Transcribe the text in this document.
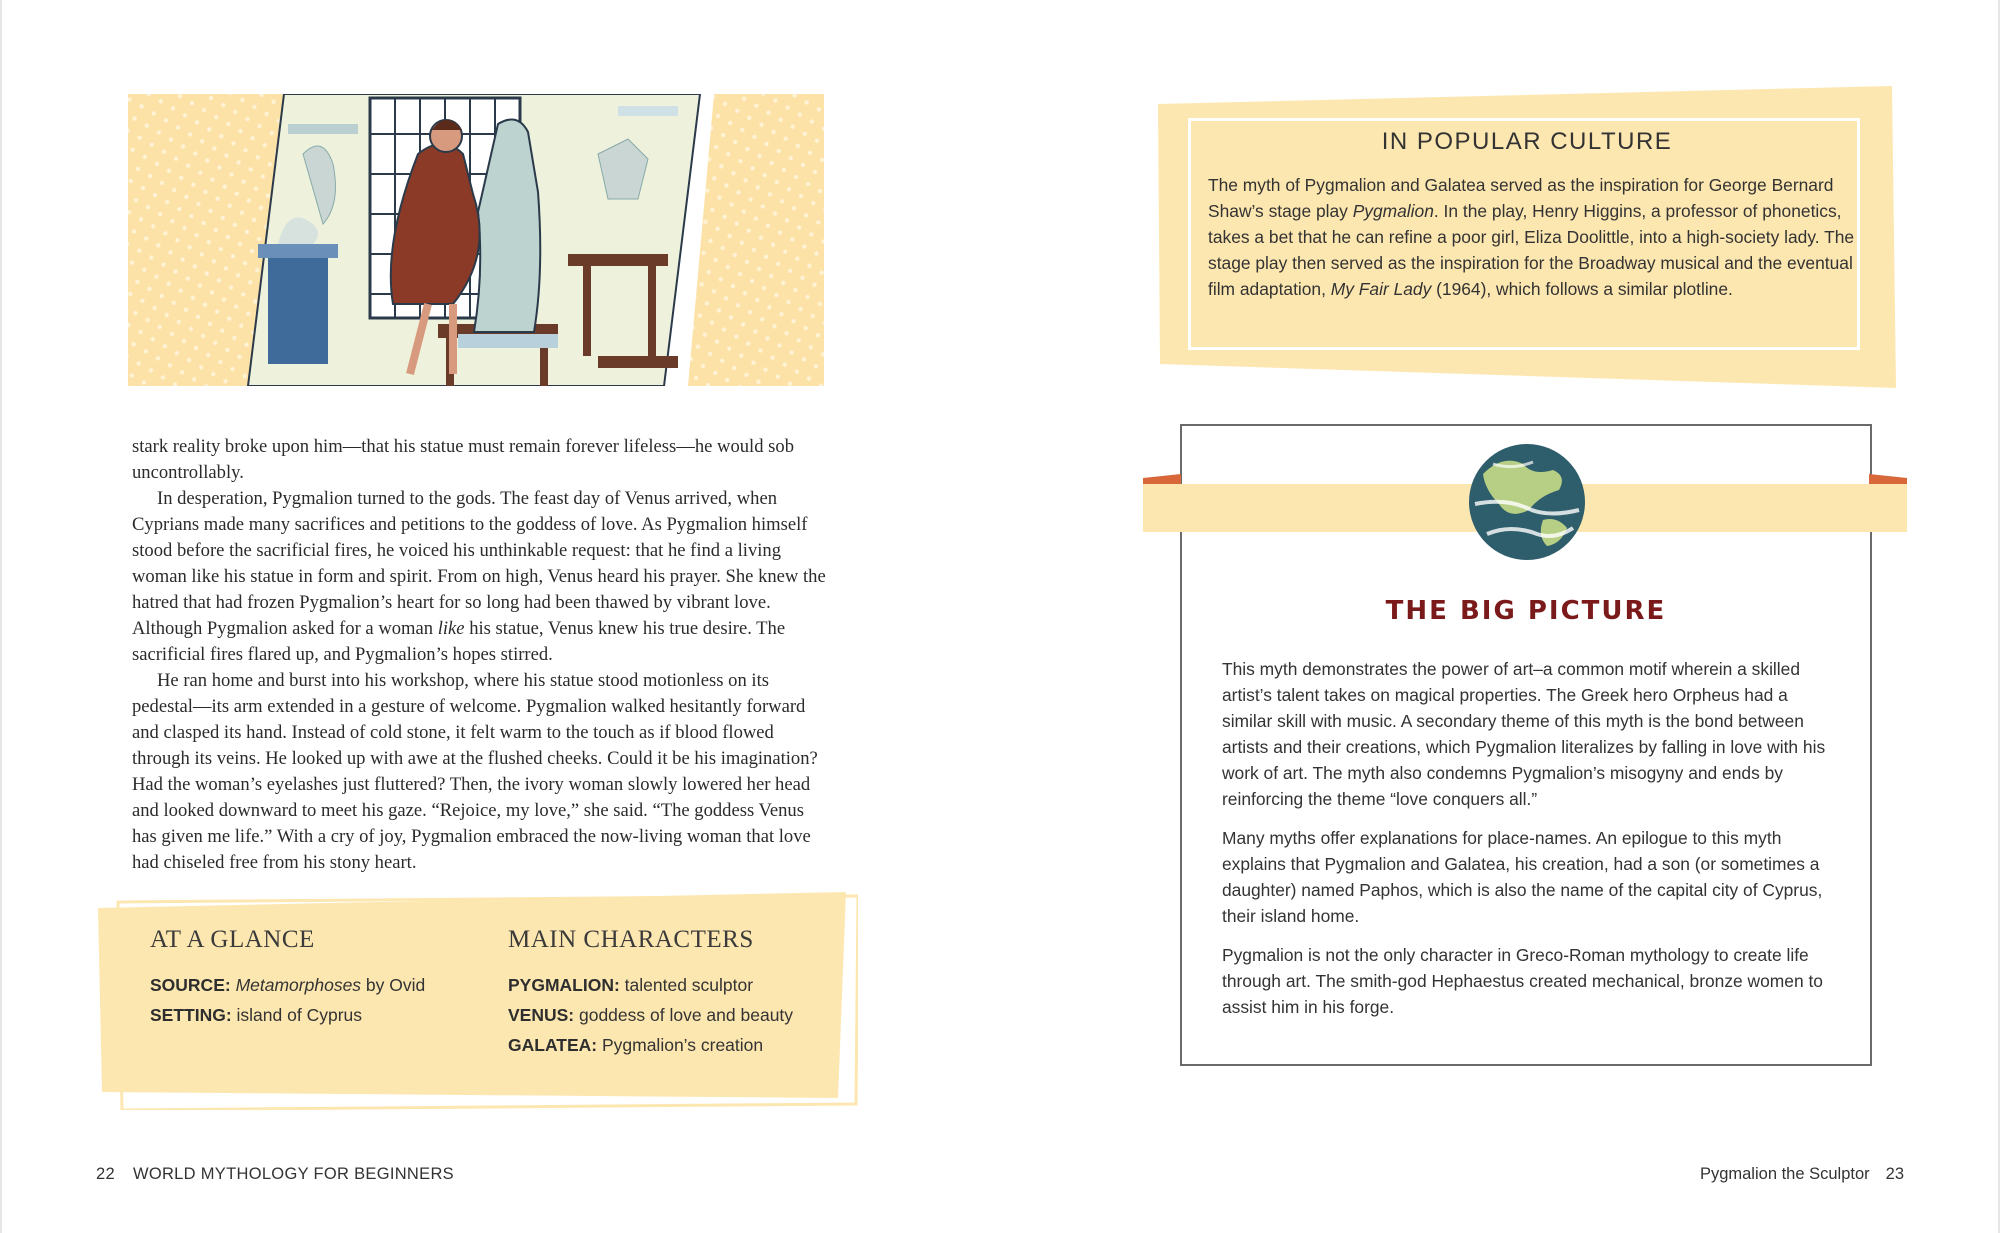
stark reality broke upon him—that his statue must remain forever lifeless—he would sob uncontrollably.

In desperation, Pygmalion turned to the gods. The feast day of Venus arrived, when Cyprians made many sacrifices and petitions to the goddess of love. As Pygmalion himself stood before the sacrificial fires, he voiced his unthinkable request: that he find a living woman like his statue in form and spirit. From on high, Venus heard his prayer. She knew the hatred that had frozen Pygmalion’s heart for so long had been thawed by vibrant love. Although Pygmalion asked for a woman like his statue, Venus knew his true desire. The sacrificial fires flared up, and Pygmalion’s hopes stirred.

He ran home and burst into his workshop, where his statue stood motionless on its pedestal—its arm extended in a gesture of welcome. Pygmalion walked hesitantly forward and clasped its hand. Instead of cold stone, it felt warm to the touch as if blood flowed through its veins. He looked up with awe at the flushed cheeks. Could it be his imagination? Had the woman’s eyelashes just fluttered? Then, the ivory woman slowly lowered her head and looked downward to meet his gaze. “Rejoice, my love,” she said. “The goddess Venus has given me life.” With a cry of joy, Pygmalion embraced the now-living woman that love had chiseled free from his stony heart.

AT A GLANCE
SOURCE: Metamorphoses by Ovid
SETTING: island of Cyprus
MAIN CHARACTERS
PYGMALION: talented sculptor
VENUS: goddess of love and beauty
GALATEA: Pygmalion’s creation
22 WORLD MYTHOLOGY FOR BEGINNERS
IN POPULAR CULTURE
The myth of Pygmalion and Galatea served as the inspiration for George Bernard Shaw’s stage play Pygmalion. In the play, Henry Higgins, a professor of phonetics, takes a bet that he can refine a poor girl, Eliza Doolittle, into a high-society lady. The stage play then served as the inspiration for the Broadway musical and the eventual film adaptation, My Fair Lady (1964), which follows a similar plotline.
THE BIG PICTURE

This myth demonstrates the power of art–a common motif wherein a skilled artist’s talent takes on magical properties. The Greek hero Orpheus had a similar skill with music. A secondary theme of this myth is the bond between artists and their creations, which Pygmalion literalizes by falling in love with his work of art. The myth also condemns Pygmalion’s misogyny and ends by reinforcing the theme “love conquers all.”

Many myths offer explanations for place-names. An epilogue to this myth explains that Pygmalion and Galatea, his creation, had a son (or sometimes a daughter) named Paphos, which is also the name of the capital city of Cyprus, their island home.

Pygmalion is not the only character in Greco-Roman mythology to create life through art. The smith-god Hephaestus created mechanical, bronze women to assist him in his forge.

Pygmalion the Sculptor 23
